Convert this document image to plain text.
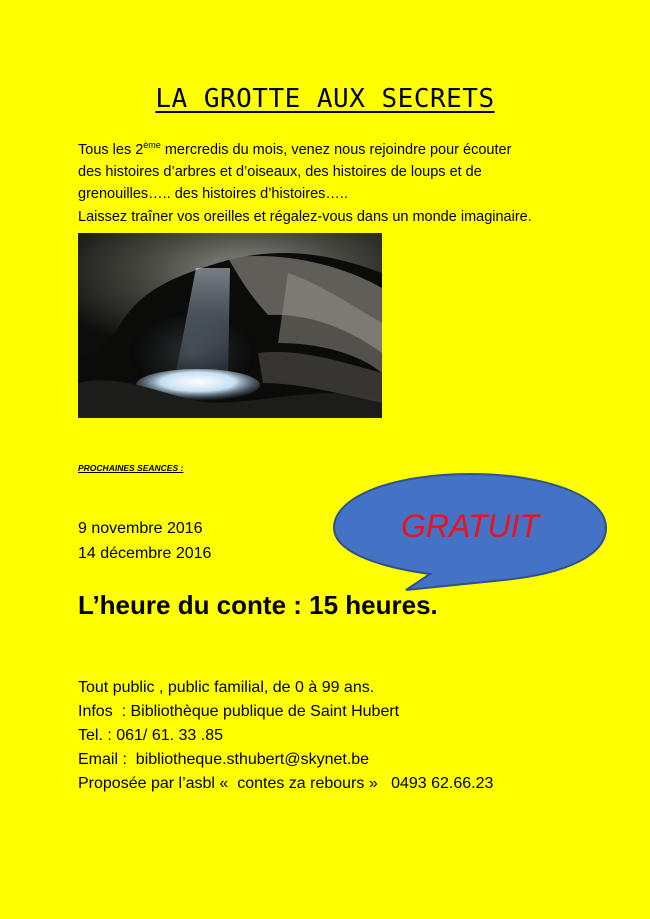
LA GROTTE AUX SECRETS

Tous les 2ème mercredis du mois, venez nous rejoindre pour écouter

des histoires d’arbres et d’oiseaux, des histoires de loups et de

grenouilles….. des histoires d’histoires…..

Laissez traîner vos oreilles et régalez-vous dans un monde imaginaire.

PROCHAINES SEANCES :
9 novembre 2016
14 décembre 2016
GRATUIT
L’heure du conte : 15 heures.

Tout public , public familial, de 0 à 99 ans.

Infos  : Bibliothèque publique de Saint Hubert

Tel. : 061/ 61. 33 .85

Email :  bibliotheque.sthubert@skynet.be

Proposée par l’asbl «  contes za rebours »   0493 62.66.23
